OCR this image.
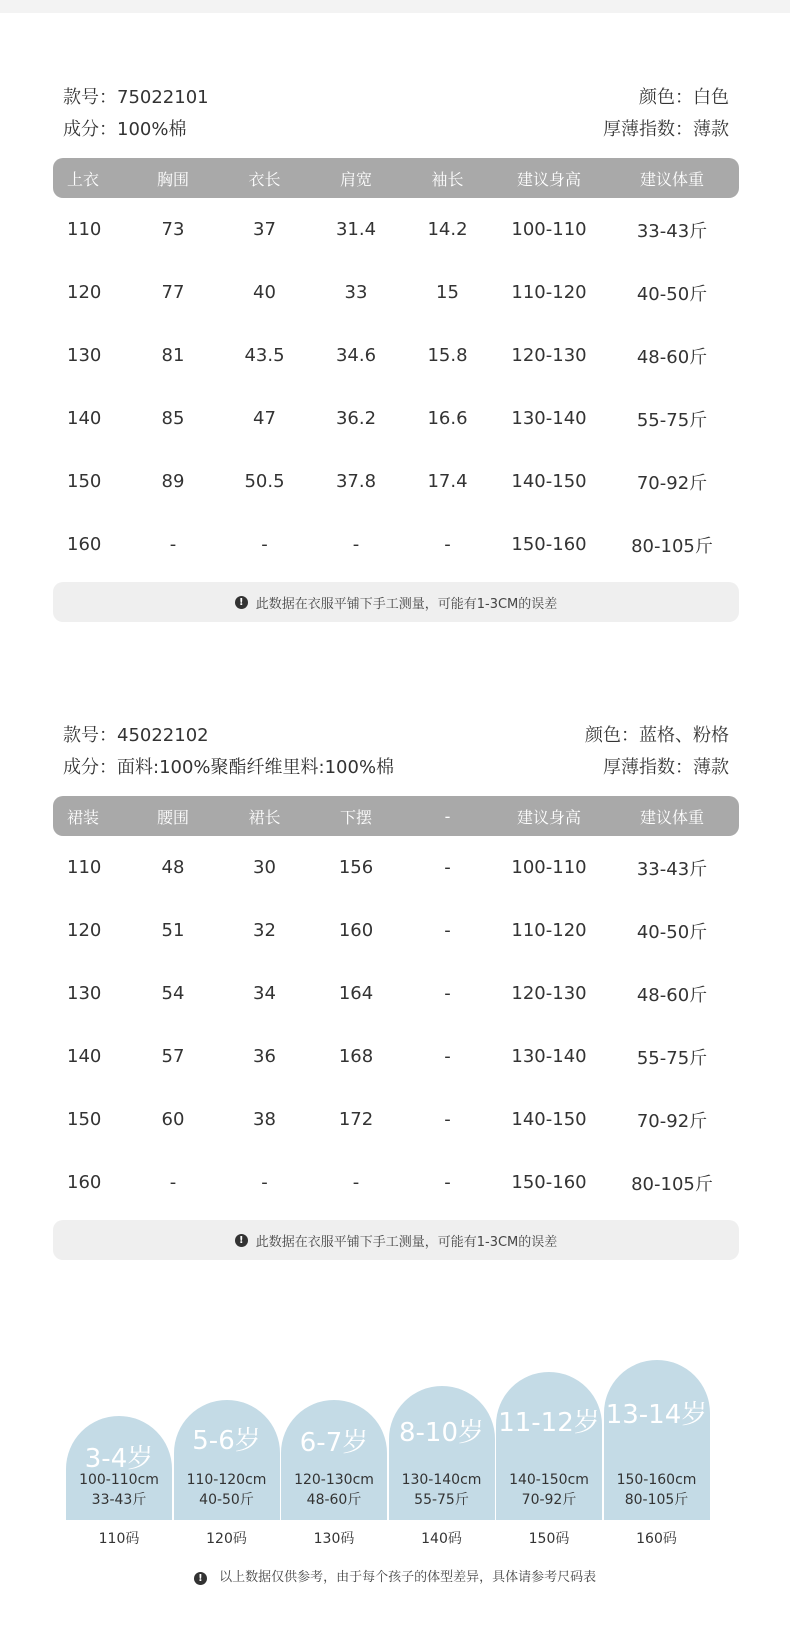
款号：75022101	颜色：白色
成分：100%棉	厚薄指数：薄款
上衣	胸围	衣长	肩宽	袖长	建议身高	建议体重
110	73	37	31.4	14.2	100-110	33-43斤
120	77	40	33	15	110-120	40-50斤
130	81	43.5	34.6	15.8	120-130	48-60斤
140	85	47	36.2	16.6	130-140	55-75斤
150	89	50.5	37.8	17.4	140-150	70-92斤
160	-	-	-	-	150-160	80-105斤
! 此数据在衣服平铺下手工测量，可能有1-3CM的误差
款号：45022102	颜色：蓝格、粉格
成分：面料:100%聚酯纤维里料:100%棉	厚薄指数：薄款
裙装	腰围	裙长	下摆	-	建议身高	建议体重
110	48	30	156	-	100-110	33-43斤
120	51	32	160	-	110-120	40-50斤
130	54	34	164	-	120-130	48-60斤
140	57	36	168	-	130-140	55-75斤
150	60	38	172	-	140-150	70-92斤
160	-	-	-	-	150-160	80-105斤
! 此数据在衣服平铺下手工测量，可能有1-3CM的误差
3-4岁
100-110cm
33-43斤
5-6岁
110-120cm
40-50斤
6-7岁
120-130cm
48-60斤
8-10岁
130-140cm
55-75斤
11-12岁
140-150cm
70-92斤
13-14岁
150-160cm
80-105斤
110码	120码	130码	140码	150码	160码
! 以上数据仅供参考，由于每个孩子的体型差异，具体请参考尺码表
